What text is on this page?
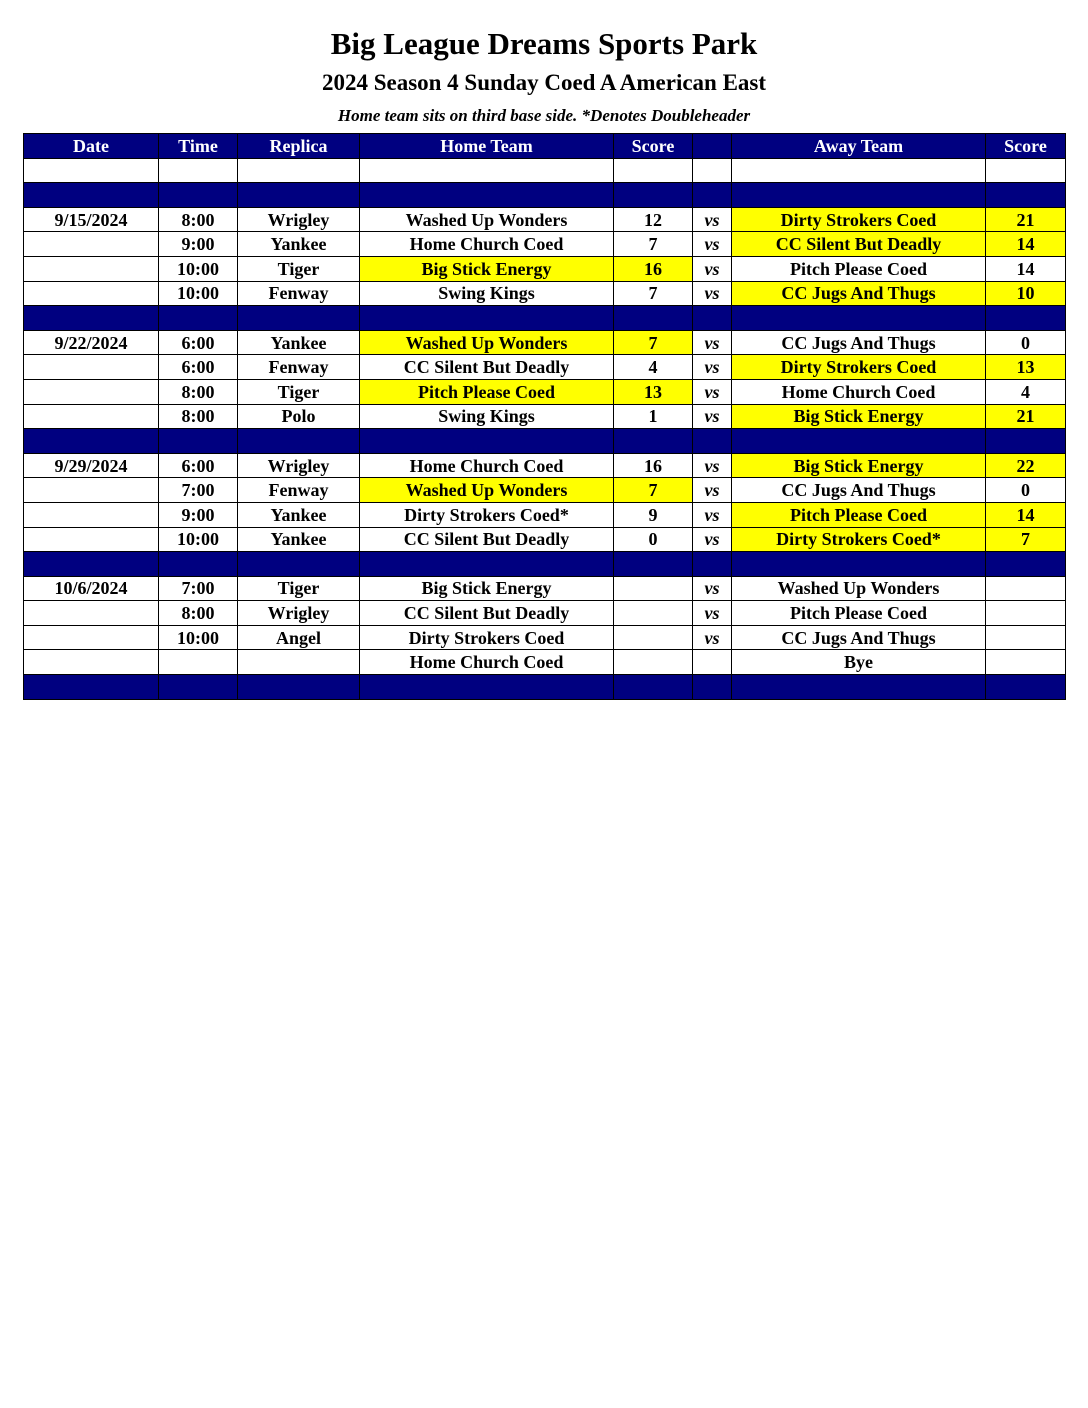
Big League Dreams Sports Park
2024 Season 4 Sunday Coed A American East
Home team sits on third base side. *Denotes Doubleheader
Date	Time	Replica	Home Team	Score		Away Team	Score

9/15/2024	8:00	Wrigley	Washed Up Wonders	12	vs	Dirty Strokers Coed	21
	9:00	Yankee	Home Church Coed	7	vs	CC Silent But Deadly	14
	10:00	Tiger	Big Stick Energy	16	vs	Pitch Please Coed	14
	10:00	Fenway	Swing Kings	7	vs	CC Jugs And Thugs	10

9/22/2024	6:00	Yankee	Washed Up Wonders	7	vs	CC Jugs And Thugs	0
	6:00	Fenway	CC Silent But Deadly	4	vs	Dirty Strokers Coed	13
	8:00	Tiger	Pitch Please Coed	13	vs	Home Church Coed	4
	8:00	Polo	Swing Kings	1	vs	Big Stick Energy	21

9/29/2024	6:00	Wrigley	Home Church Coed	16	vs	Big Stick Energy	22
	7:00	Fenway	Washed Up Wonders	7	vs	CC Jugs And Thugs	0
	9:00	Yankee	Dirty Strokers Coed*	9	vs	Pitch Please Coed	14
	10:00	Yankee	CC Silent But Deadly	0	vs	Dirty Strokers Coed*	7

10/6/2024	7:00	Tiger	Big Stick Energy		vs	Washed Up Wonders	
	8:00	Wrigley	CC Silent But Deadly		vs	Pitch Please Coed	
	10:00	Angel	Dirty Strokers Coed		vs	CC Jugs And Thugs	
			Home Church Coed			Bye	
